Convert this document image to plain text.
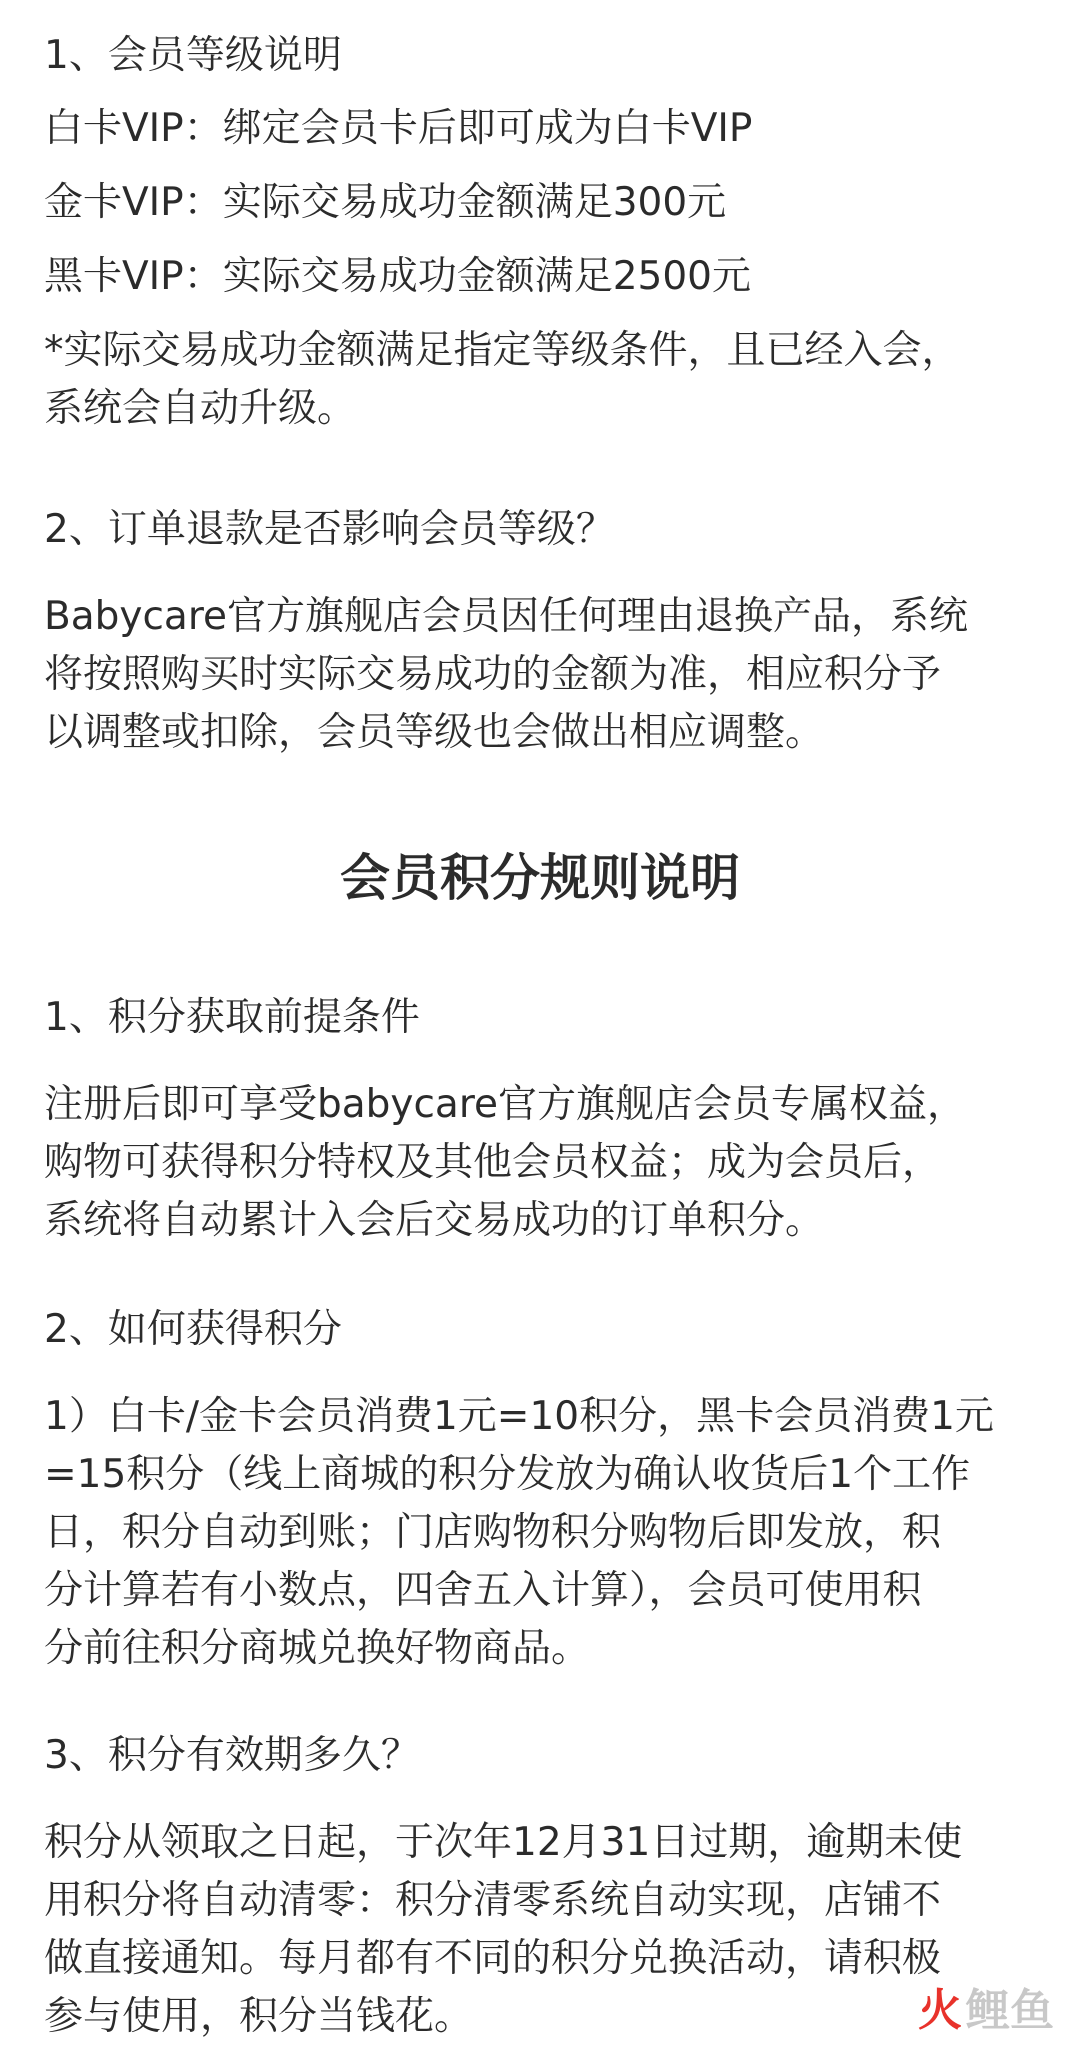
1、会员等级说明

白卡VIP：绑定会员卡后即可成为白卡VIP

金卡VIP：实际交易成功金额满足300元

黑卡VIP：实际交易成功金额满足2500元

*实际交易成功金额满足指定等级条件，且已经入会，

系统会自动升级。

2、订单退款是否影响会员等级？

Babycare官方旗舰店会员因任何理由退换产品，系统

将按照购买时实际交易成功的金额为准，相应积分予

以调整或扣除，会员等级也会做出相应调整。

会员积分规则说明

1、积分获取前提条件

注册后即可享受babycare官方旗舰店会员专属权益，

购物可获得积分特权及其他会员权益；成为会员后，

系统将自动累计入会后交易成功的订单积分。

2、如何获得积分

1）白卡/金卡会员消费1元=10积分，黑卡会员消费1元

=15积分（线上商城的积分发放为确认收货后1个工作

日，积分自动到账；门店购物积分购物后即发放，积

分计算若有小数点，四舍五入计算），会员可使用积

分前往积分商城兑换好物商品。

3、积分有效期多久？

积分从领取之日起，于次年12月31日过期，逾期未使

用积分将自动清零：积分清零系统自动实现，店铺不

做直接通知。每月都有不同的积分兑换活动，请积极

参与使用，积分当钱花。	火 鲤鱼
